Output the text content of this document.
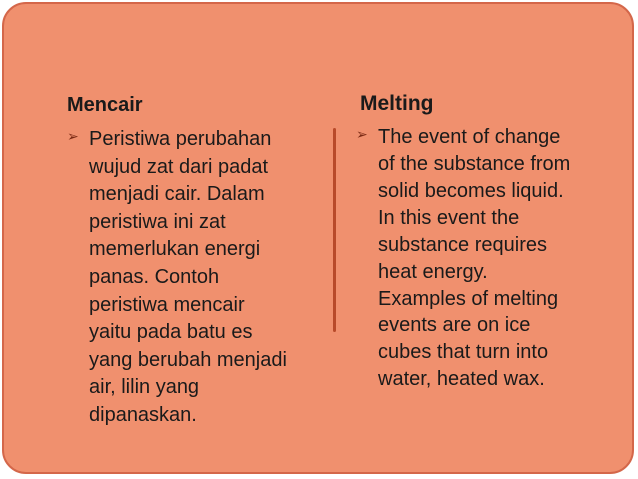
Mencair

➢ Peristiwa perubahan
wujud zat dari padat
menjadi cair. Dalam
peristiwa ini zat
memerlukan energi
panas. Contoh
peristiwa mencair
yaitu pada batu es
yang berubah menjadi
air, lilin yang
dipanaskan.

Melting

➢ The event of change
of the substance from
solid becomes liquid.
In this event the
substance requires
heat energy.
Examples of melting
events are on ice
cubes that turn into
water, heated wax.
